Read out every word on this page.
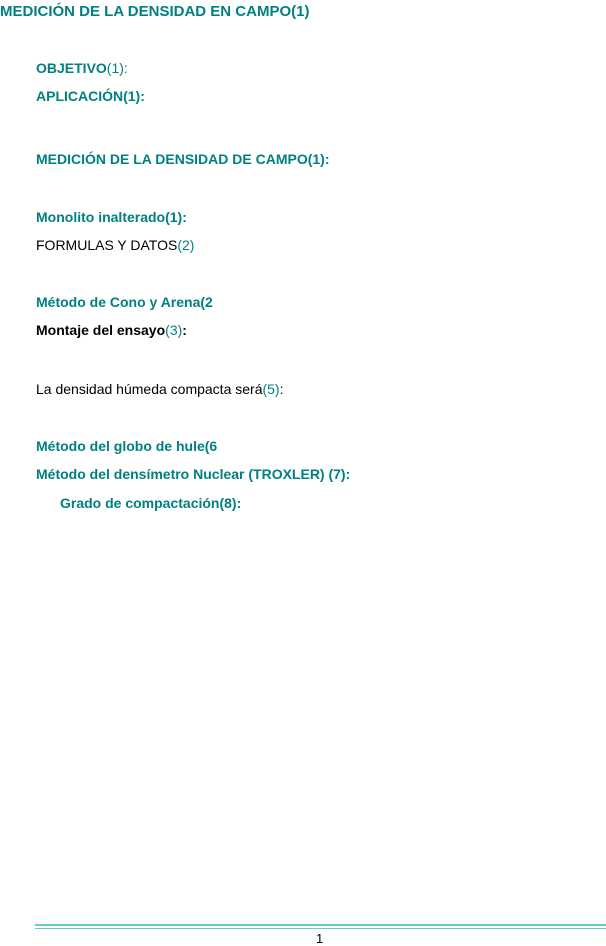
MEDICIÓN DE LA DENSIDAD EN CAMPO(1)
OBJETIVO(1):
APLICACIÓN(1):
MEDICIÓN DE LA DENSIDAD DE CAMPO(1):
Monolito inalterado(1):
FORMULAS Y DATOS(2)
Método de Cono y Arena(2
Montaje del ensayo(3):
La densidad húmeda compacta será(5):
Método del globo de hule(6
Método del densímetro Nuclear (TROXLER) (7):
Grado de compactación(8):
1
